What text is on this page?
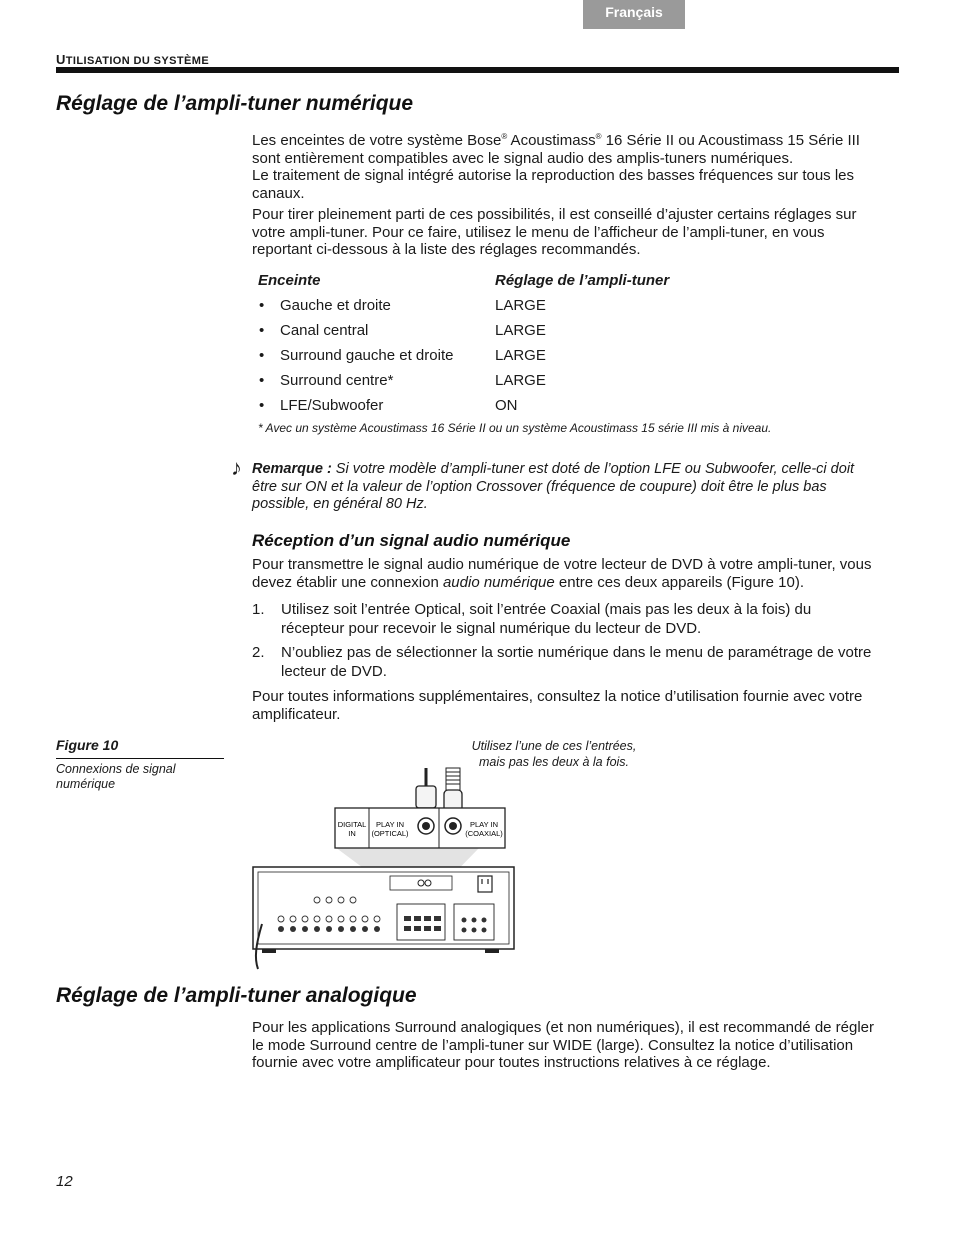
Français
UTILISATION DU SYSTÈME
Réglage de l’ampli-tuner numérique

Les enceintes de votre système Bose® Acoustimass® 16 Série II ou Acoustimass 15 Série III

sont entièrement compatibles avec le signal audio des amplis-tuners numériques.

Le traitement de signal intégré autorise la reproduction des basses fréquences sur tous les

canaux.

Pour tirer pleinement parti de ces possibilités, il est conseillé d’ajuster certains réglages sur

votre ampli-tuner. Pour ce faire, utilisez le menu de l’afficheur de l’ampli-tuner, en vous

reportant ci-dessous à la liste des réglages recommandés.

Enceinte	Réglage de l’ampli-tuner
• Gauche et droite	LARGE
• Canal central	LARGE
• Surround gauche et droite	LARGE
• Surround centre*	LARGE
• LFE/Subwoofer	ON
* Avec un système Acoustimass 16 Série II ou un système Acoustimass 15 série III mis à niveau.
♪ Remarque : Si votre modèle d’ampli-tuner est doté de l’option LFE ou Subwoofer, celle-ci doit
être sur ON et la valeur de l’option Crossover (fréquence de coupure) doit être le plus bas
possible, en général 80 Hz.
Réception d’un signal audio numérique

Pour transmettre le signal audio numérique de votre lecteur de DVD à votre ampli-tuner, vous

devez établir une connexion audio numérique entre ces deux appareils (Figure 10).

1. Utilisez soit l’entrée Optical, soit l’entrée Coaxial (mais pas les deux à la fois) du
récepteur pour recevoir le signal numérique du lecteur de DVD.
2. N’oubliez pas de sélectionner la sortie numérique dans le menu de paramétrage de votre
lecteur de DVD.

Pour toutes informations supplémentaires, consultez la notice d’utilisation fournie avec votre

amplificateur.

Figure 10
Connexions de signal
numérique
Utilisez l’une de ces l’entrées,
mais pas les deux à la fois.
DIGITAL
IN
PLAY IN
(OPTICAL)
PLAY IN
(COAXIAL)
Réglage de l’ampli-tuner analogique

Pour les applications Surround analogiques (et non numériques), il est recommandé de régler

le mode Surround centre de l’ampli-tuner sur WIDE (large). Consultez la notice d’utilisation

fournie avec votre amplificateur pour toutes instructions relatives à ce réglage.

12
